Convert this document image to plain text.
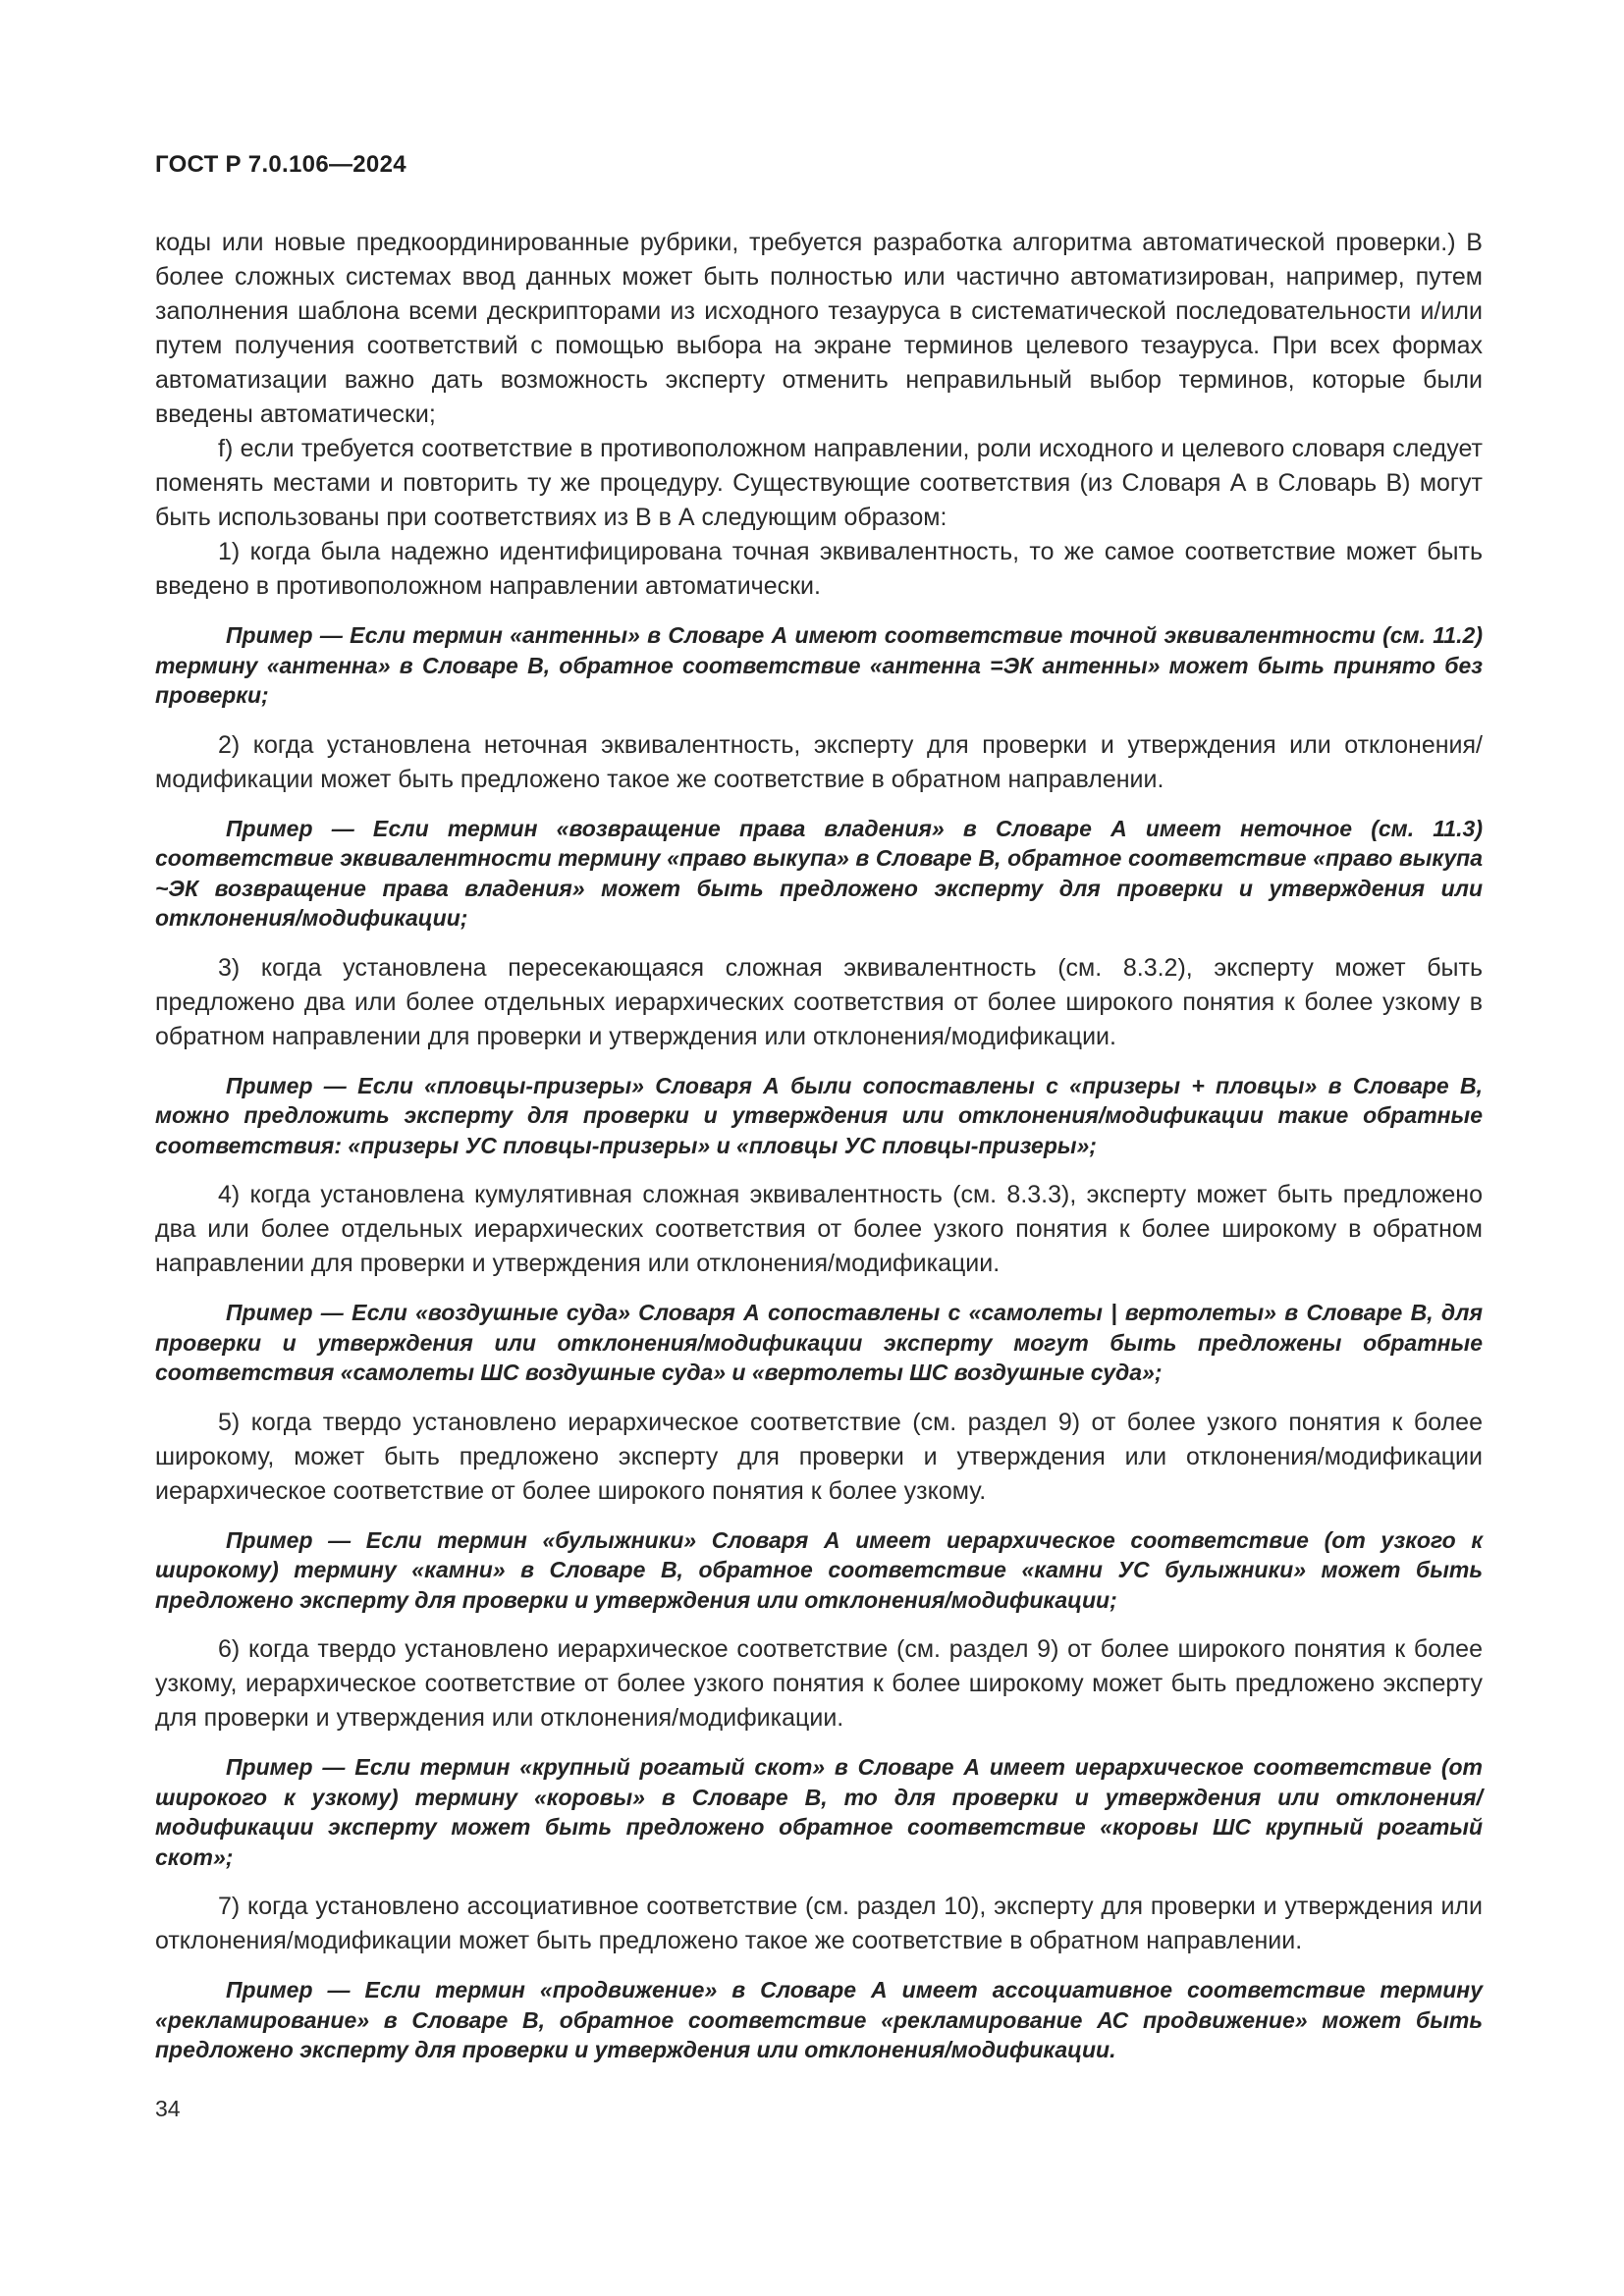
ГОСТ Р 7.0.106—2024

коды или новые предкоординированные рубрики, требуется разработка алгоритма автоматической проверки.) В более сложных системах ввод данных может быть полностью или частично автоматизирован, например, путем заполнения шаблона всеми дескрипторами из исходного тезауруса в систематической последовательности и/или путем получения соответствий с помощью выбора на экране терминов целевого тезауруса. При всех формах автоматизации важно дать возможность эксперту отменить неправильный выбор терминов, которые были введены автоматически;

f) если требуется соответствие в противоположном направлении, роли исходного и целевого словаря следует поменять местами и повторить ту же процедуру. Существующие соответствия (из Словаря А в Словарь В) могут быть использованы при соответствиях из В в А следующим образом:

1) когда была надежно идентифицирована точная эквивалентность, то же самое соответствие может быть введено в противоположном направлении автоматически.

Пример — Если термин «антенны» в Словаре А имеют соответствие точной эквивалентности (см. 11.2) термину «антенна» в Словаре В, обратное соответствие «антенна =ЭК антенны» может быть принято без проверки;

2) когда установлена неточная эквивалентность, эксперту для проверки и утверждения или отклонения/модификации может быть предложено такое же соответствие в обратном направлении.

Пример — Если термин «возвращение права владения» в Словаре А имеет неточное (см. 11.3) соответствие эквивалентности термину «право выкупа» в Словаре В, обратное соответствие «право выкупа ~ЭК возвращение права владения» может быть предложено эксперту для проверки и утверждения или отклонения/модификации;

3) когда установлена пересекающаяся сложная эквивалентность (см. 8.3.2), эксперту может быть предложено два или более отдельных иерархических соответствия от более широкого понятия к более узкому в обратном направлении для проверки и утверждения или отклонения/модификации.

Пример — Если «пловцы-призеры» Словаря А были сопоставлены с «призеры + пловцы» в Словаре В, можно предложить эксперту для проверки и утверждения или отклонения/модификации такие обратные соответствия: «призеры УС пловцы-призеры» и «пловцы УС пловцы-призеры»;

4) когда установлена кумулятивная сложная эквивалентность (см. 8.3.3), эксперту может быть предложено два или более отдельных иерархических соответствия от более узкого понятия к более широкому в обратном направлении для проверки и утверждения или отклонения/модификации.

Пример — Если «воздушные суда» Словаря А сопоставлены с «самолеты | вертолеты» в Словаре В, для проверки и утверждения или отклонения/модификации эксперту могут быть предложены обратные соответствия «самолеты ШС воздушные суда» и «вертолеты ШС воздушные суда»;

5) когда твердо установлено иерархическое соответствие (см. раздел 9) от более узкого понятия к более широкому, может быть предложено эксперту для проверки и утверждения или отклонения/модификации иерархическое соответствие от более широкого понятия к более узкому.

Пример — Если термин «булыжники» Словаря А имеет иерархическое соответствие (от узкого к широкому) термину «камни» в Словаре В, обратное соответствие «камни УС булыжники» может быть предложено эксперту для проверки и утверждения или отклонения/модификации;

6) когда твердо установлено иерархическое соответствие (см. раздел 9) от более широкого понятия к более узкому, иерархическое соответствие от более узкого понятия к более широкому может быть предложено эксперту для проверки и утверждения или отклонения/модификации.

Пример — Если термин «крупный рогатый скот» в Словаре А имеет иерархическое соответствие (от широкого к узкому) термину «коровы» в Словаре В, то для проверки и утверждения или отклонения/модификации эксперту может быть предложено обратное соответствие «коровы ШС крупный рогатый скот»;

7) когда установлено ассоциативное соответствие (см. раздел 10), эксперту для проверки и утверждения или отклонения/модификации может быть предложено такое же соответствие в обратном направлении.

Пример — Если термин «продвижение» в Словаре А имеет ассоциативное соответствие термину «рекламирование» в Словаре В, обратное соответствие «рекламирование АС продвижение» может быть предложено эксперту для проверки и утверждения или отклонения/модификации.

34
